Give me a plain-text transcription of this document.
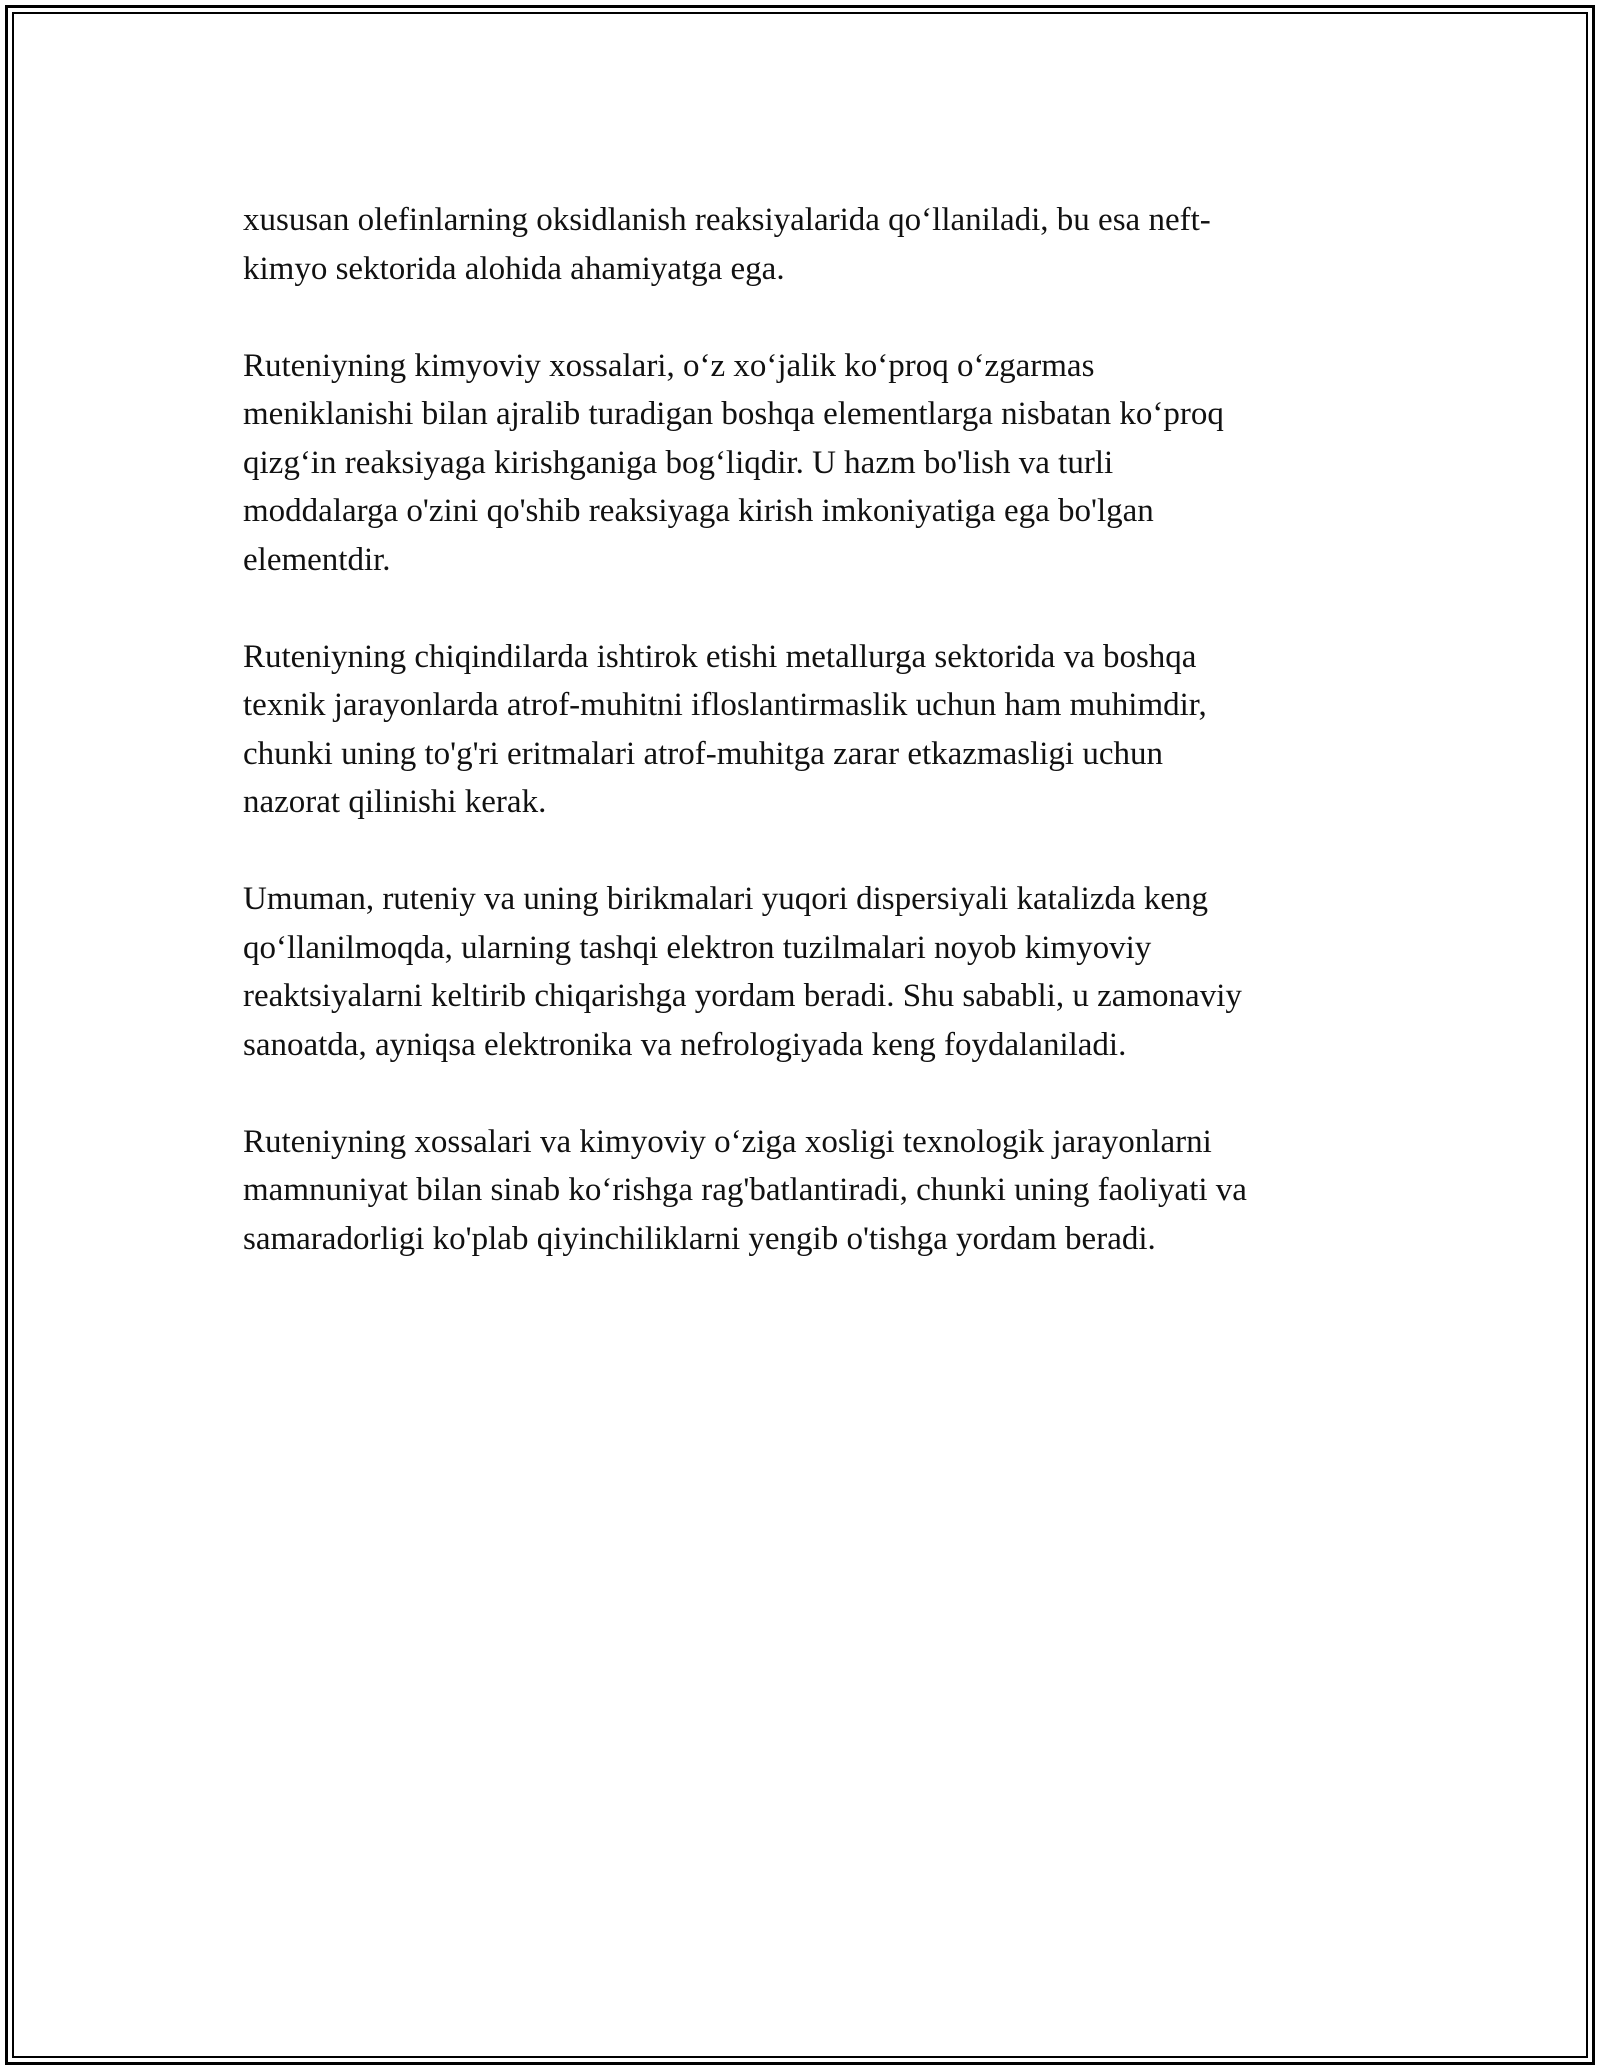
xususan olefinlarning oksidlanish reaksiyalarida qo‘llaniladi, bu esa neft-
kimyo sektorida alohida ahamiyatga ega.

Ruteniyning kimyoviy xossalari, o‘z xo‘jalik ko‘proq o‘zgarmas
meniklanishi bilan ajralib turadigan boshqa elementlarga nisbatan ko‘proq
qizg‘in reaksiyaga kirishganiga bog‘liqdir. U hazm bo'lish va turli
moddalarga o'zini qo'shib reaksiyaga kirish imkoniyatiga ega bo'lgan
elementdir.

Ruteniyning chiqindilarda ishtirok etishi metallurga sektorida va boshqa
texnik jarayonlarda atrof-muhitni ifloslantirmaslik uchun ham muhimdir,
chunki uning to'g'ri eritmalari atrof-muhitga zarar etkazmasligi uchun
nazorat qilinishi kerak.

Umuman, ruteniy va uning birikmalari yuqori dispersiyali katalizda keng
qo‘llanilmoqda, ularning tashqi elektron tuzilmalari noyob kimyoviy
reaktsiyalarni keltirib chiqarishga yordam beradi. Shu sababli, u zamonaviy
sanoatda, ayniqsa elektronika va nefrologiyada keng foydalaniladi.

Ruteniyning xossalari va kimyoviy o‘ziga xosligi texnologik jarayonlarni
mamnuniyat bilan sinab ko‘rishga rag'batlantiradi, chunki uning faoliyati va
samaradorligi ko'plab qiyinchiliklarni yengib o'tishga yordam beradi.
